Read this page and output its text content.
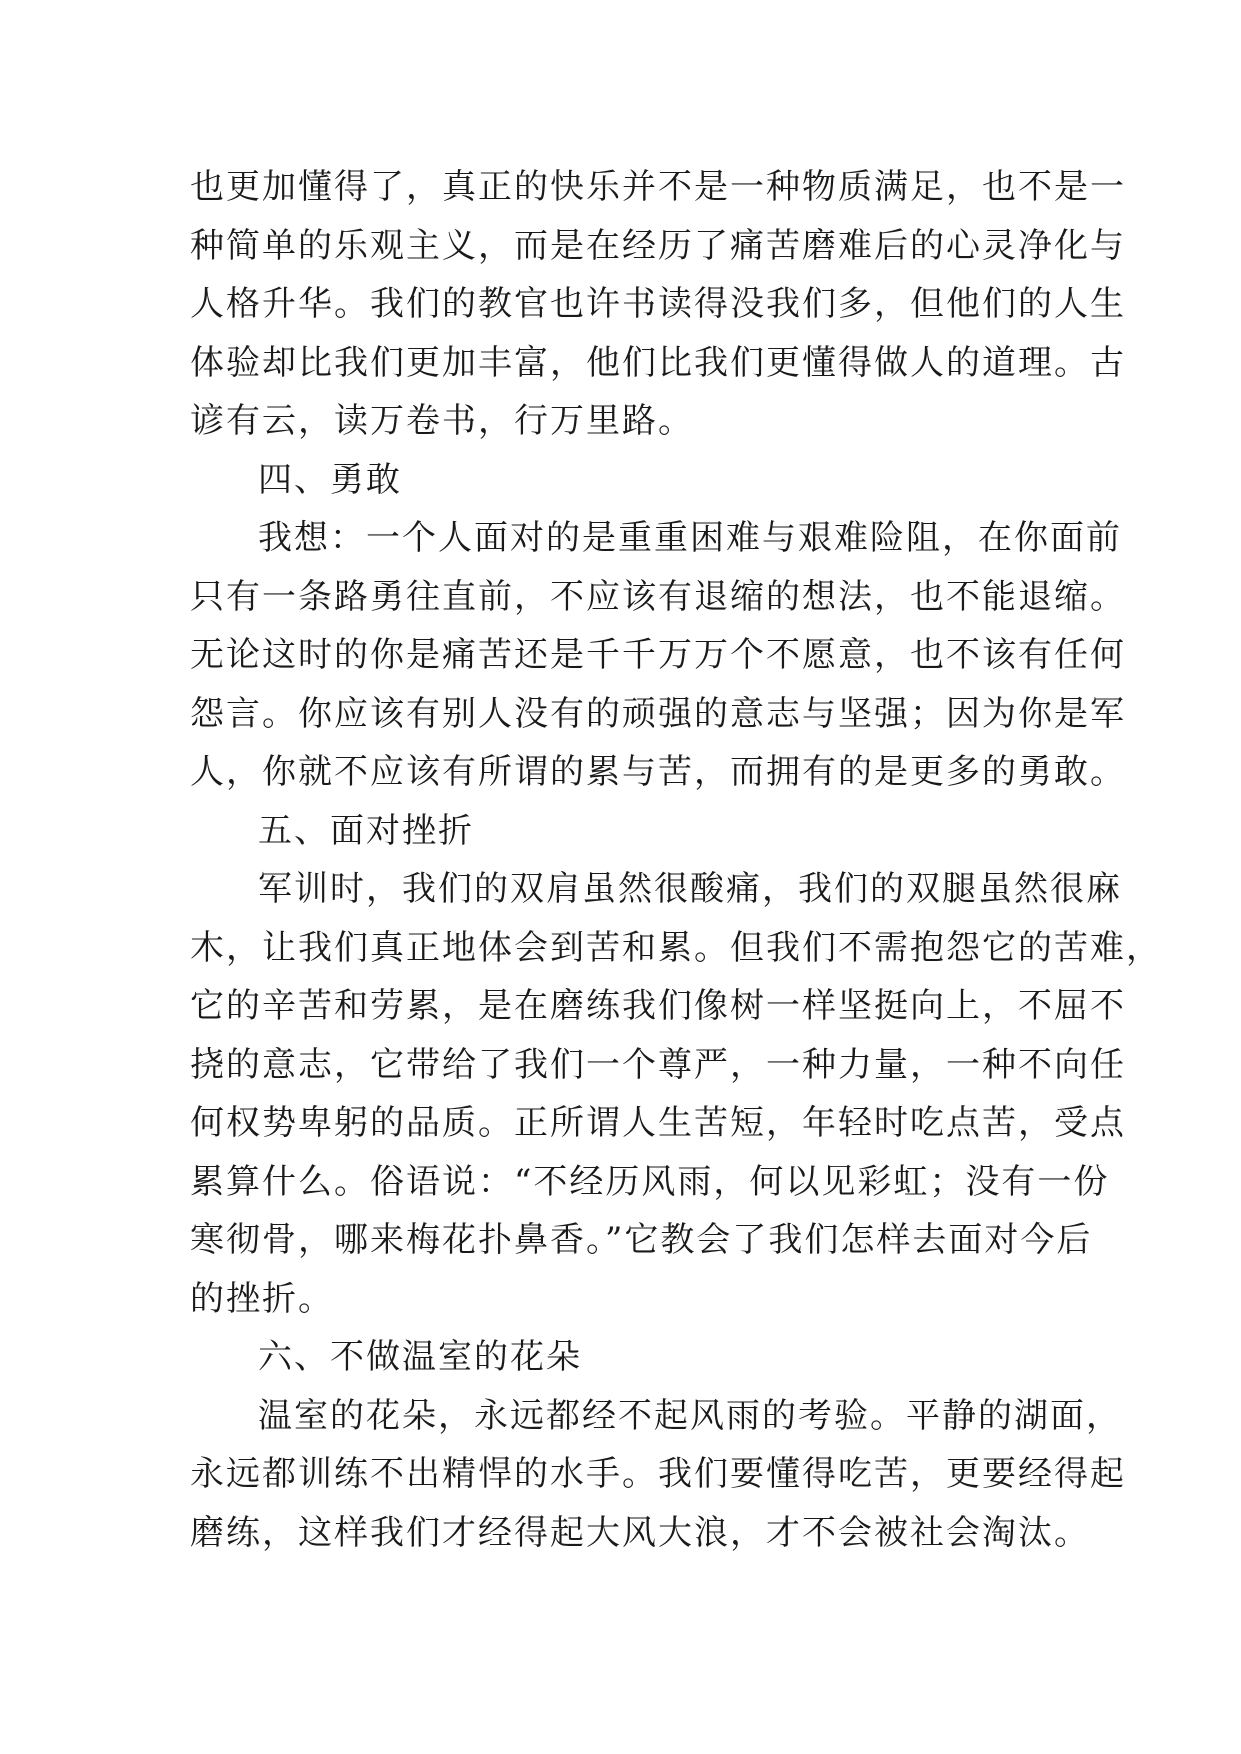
也更加懂得了，真正的快乐并不是一种物质满足，也不是一
种简单的乐观主义，而是在经历了痛苦磨难后的心灵净化与
人格升华。我们的教官也许书读得没我们多，但他们的人生
体验却比我们更加丰富，他们比我们更懂得做人的道理。古
谚有云，读万卷书，行万里路。
四、勇敢
我想：一个人面对的是重重困难与艰难险阻，在你面前
只有一条路勇往直前，不应该有退缩的想法，也不能退缩。
无论这时的你是痛苦还是千千万万个不愿意，也不该有任何
怨言。你应该有别人没有的顽强的意志与坚强；因为你是军
人，你就不应该有所谓的累与苦，而拥有的是更多的勇敢。
五、面对挫折
军训时，我们的双肩虽然很酸痛，我们的双腿虽然很麻
木，让我们真正地体会到苦和累。但我们不需抱怨它的苦难，
它的辛苦和劳累，是在磨练我们像树一样坚挺向上，不屈不
挠的意志，它带给了我们一个尊严，一种力量，一种不向任
何权势卑躬的品质。正所谓人生苦短，年轻时吃点苦，受点
累算什么。俗语说：“不经历风雨，何以见彩虹；没有一份
寒彻骨，哪来梅花扑鼻香。”它教会了我们怎样去面对今后
的挫折。
六、不做温室的花朵
温室的花朵，永远都经不起风雨的考验。平静的湖面，
永远都训练不出精悍的水手。我们要懂得吃苦，更要经得起
磨练，这样我们才经得起大风大浪，才不会被社会淘汰。
